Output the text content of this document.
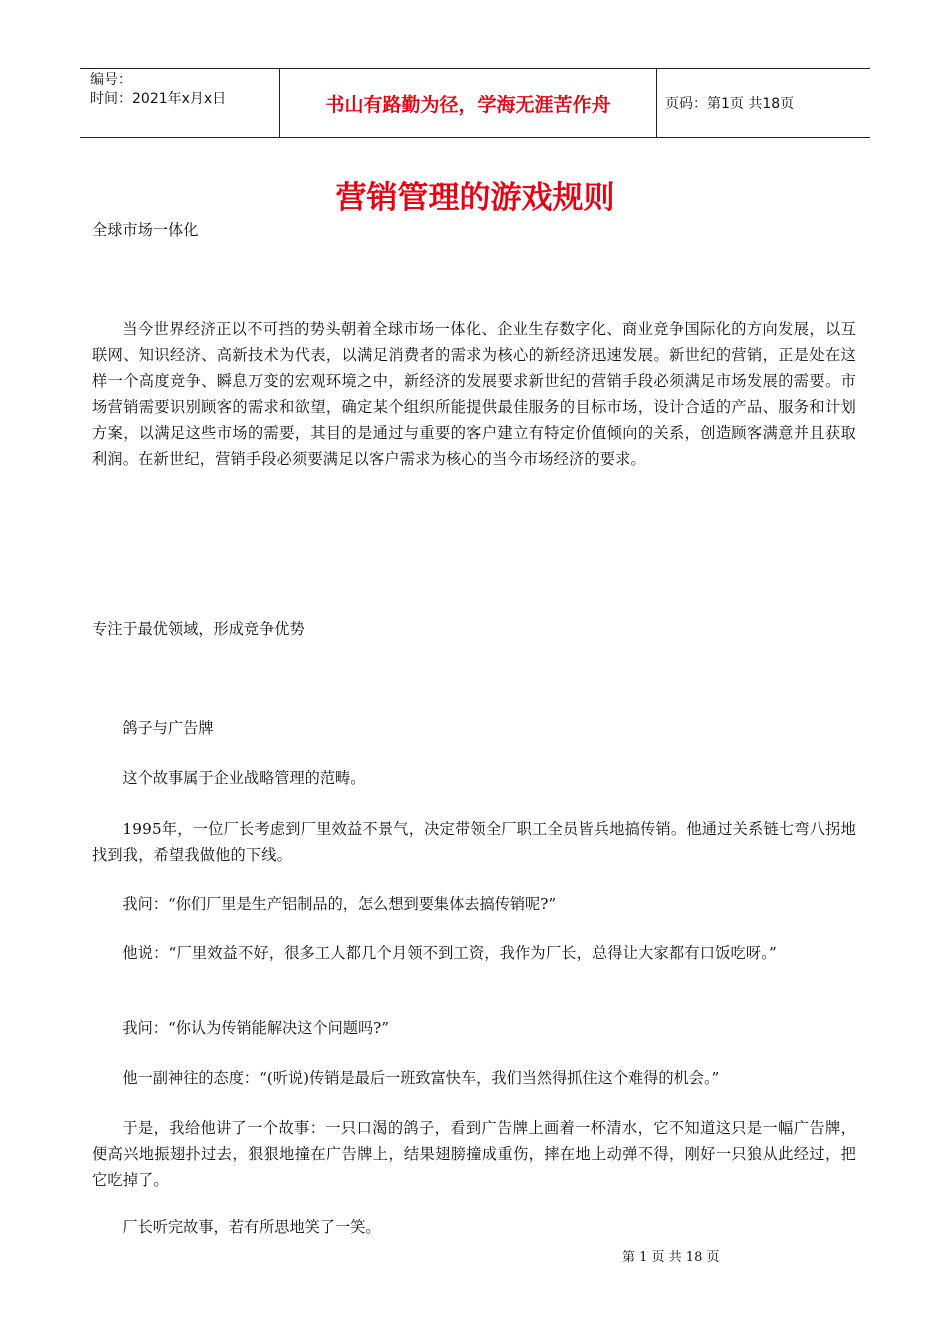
编号：
时间：2021年x月x日	书山有路勤为径，学海无涯苦作舟	页码：第1页 共18页
营销管理的游戏规则

全球市场一体化

当今世界经济正以不可挡的势头朝着全球市场一体化、企业生存数字化、商业竞争国际化的方向发展，以互联网、知识经济、高新技术为代表，以满足消费者的需求为核心的新经济迅速发展。新世纪的营销，正是处在这样一个高度竞争、瞬息万变的宏观环境之中，新经济的发展要求新世纪的营销手段必须满足市场发展的需要。市场营销需要识别顾客的需求和欲望，确定某个组织所能提供最佳服务的目标市场，设计合适的产品、服务和计划方案，以满足这些市场的需要，其目的是通过与重要的客户建立有特定价值倾向的关系，创造顾客满意并且获取利润。在新世纪，营销手段必须要满足以客户需求为核心的当今市场经济的要求。

专注于最优领域，形成竞争优势

鸽子与广告牌

这个故事属于企业战略管理的范畴。

1995年，一位厂长考虑到厂里效益不景气，决定带领全厂职工全员皆兵地搞传销。他通过关系链七弯八拐地找到我，希望我做他的下线。

我问：“你们厂里是生产铝制品的，怎么想到要集体去搞传销呢?”

他说：“厂里效益不好，很多工人都几个月领不到工资，我作为厂长，总得让大家都有口饭吃呀。”

我问：“你认为传销能解决这个问题吗?”

他一副神往的态度：“(听说)传销是最后一班致富快车，我们当然得抓住这个难得的机会。”

于是，我给他讲了一个故事：一只口渴的鸽子，看到广告牌上画着一杯清水，它不知道这只是一幅广告牌，便高兴地振翅扑过去，狠狠地撞在广告牌上，结果翅膀撞成重伤，摔在地上动弹不得，刚好一只狼从此经过，把它吃掉了。

厂长听完故事，若有所思地笑了一笑。

第 1 页 共 18 页
